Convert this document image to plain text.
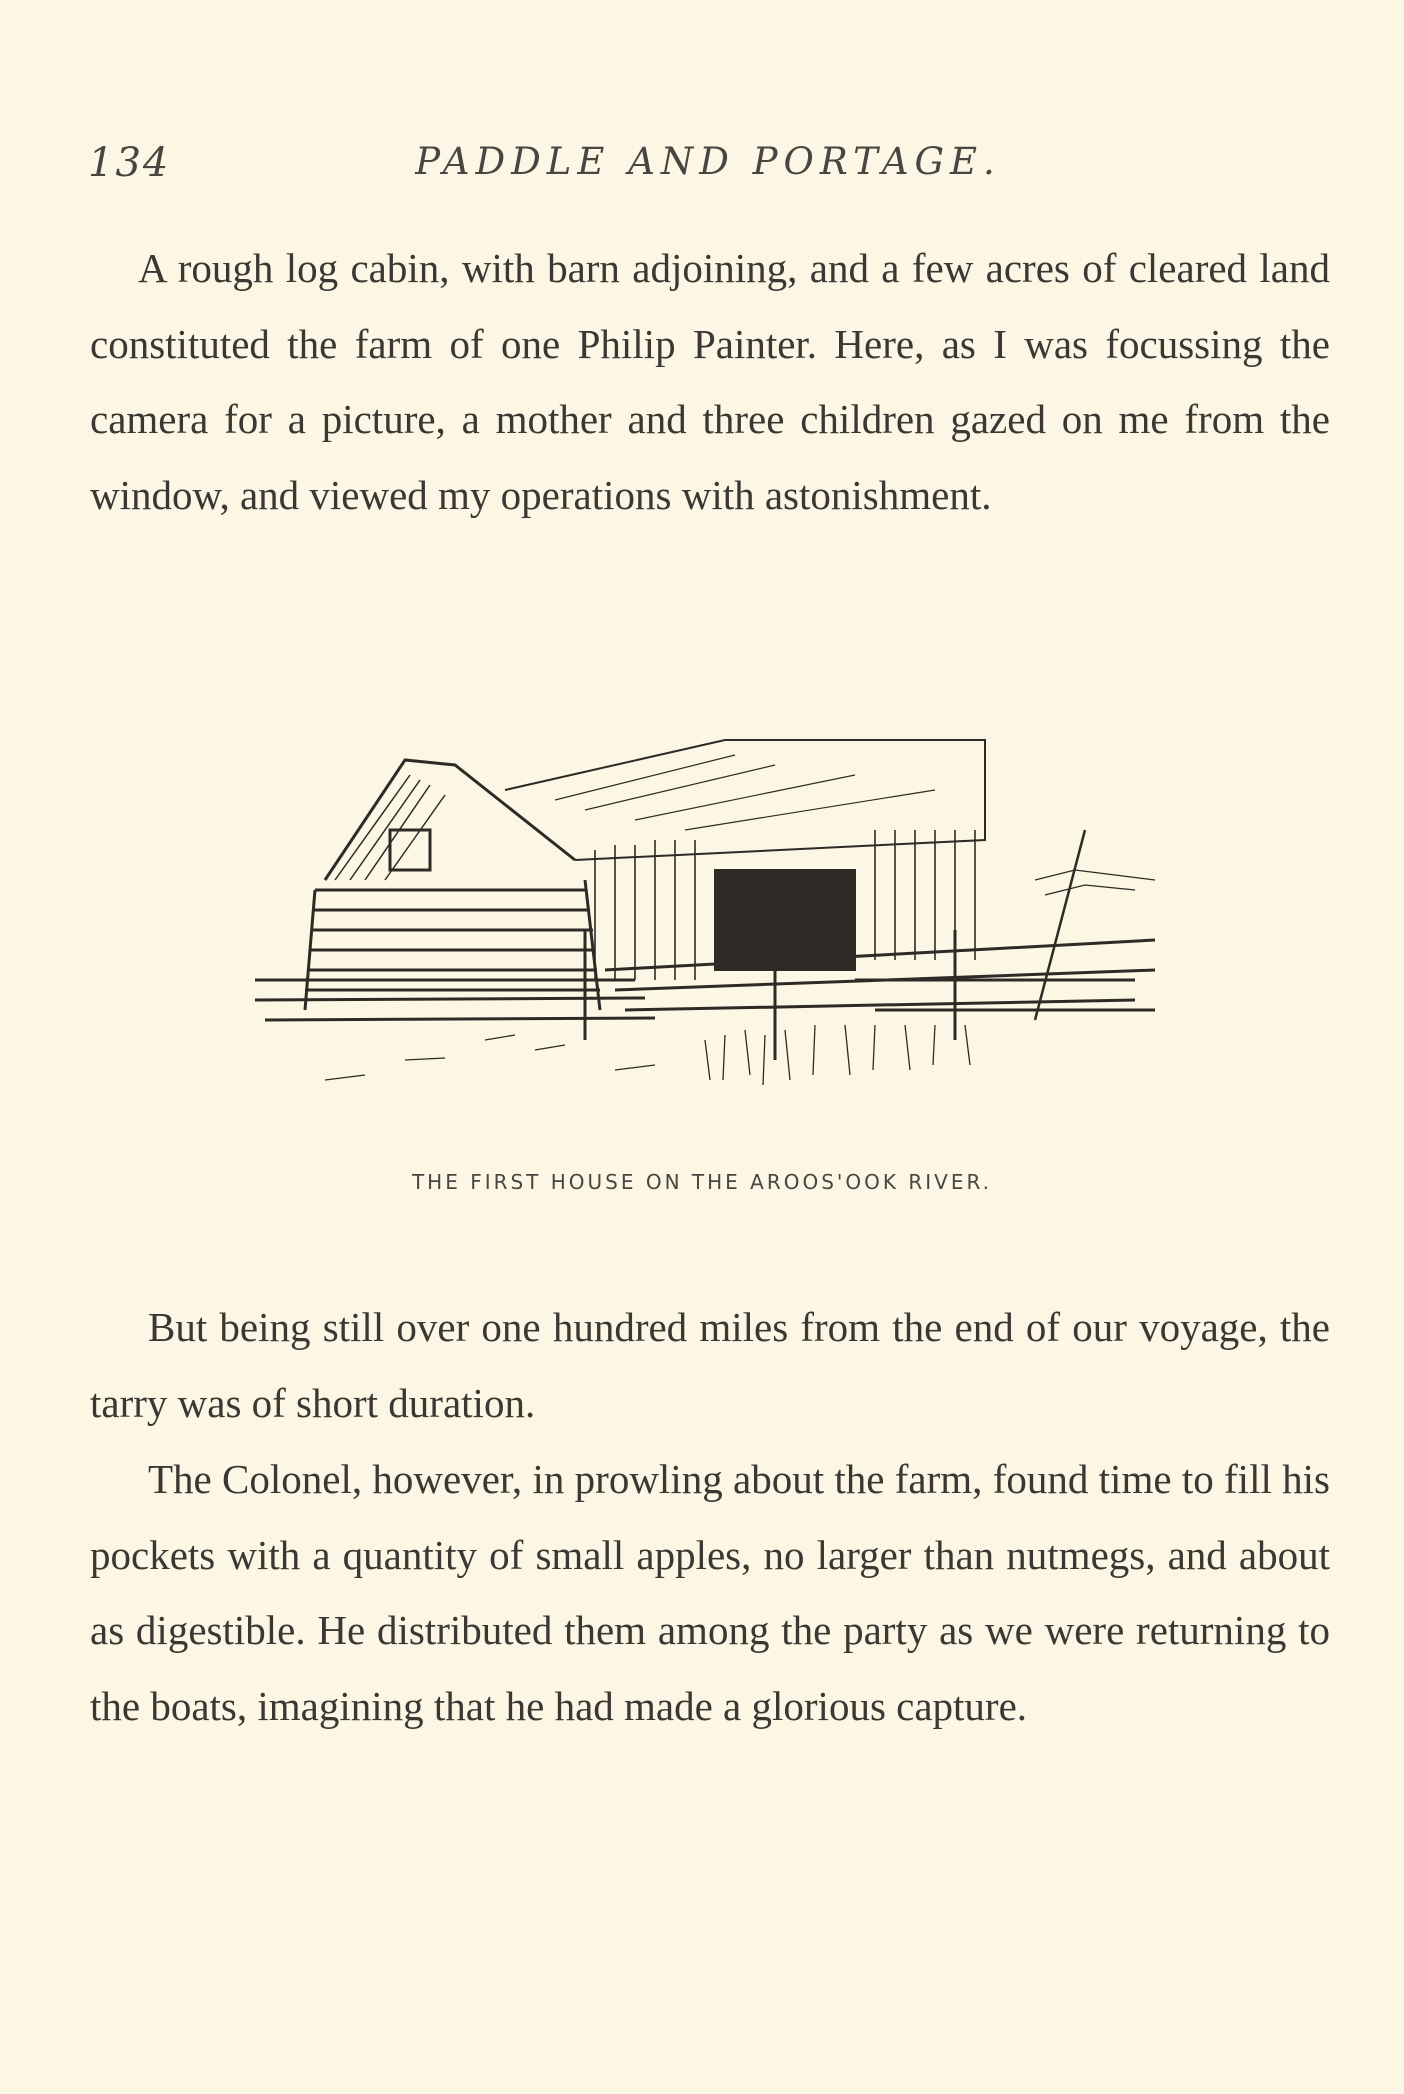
134	PADDLE AND PORTAGE.

A rough log cabin, with barn adjoining, and a few acres of cleared land constituted the farm of one Philip Painter. Here, as I was focussing the camera for a picture, a mother and three children gazed on me from the window, and viewed my operations with astonishment.

THE FIRST HOUSE ON THE AROOS'OOK RIVER.

But being still over one hundred miles from the end of our voyage, the tarry was of short duration.

The Colonel, however, in prowling about the farm, found time to fill his pockets with a quantity of small apples, no larger than nutmegs, and about as digestible. He distributed them among the party as we were returning to the boats, imagining that he had made a glorious capture.
